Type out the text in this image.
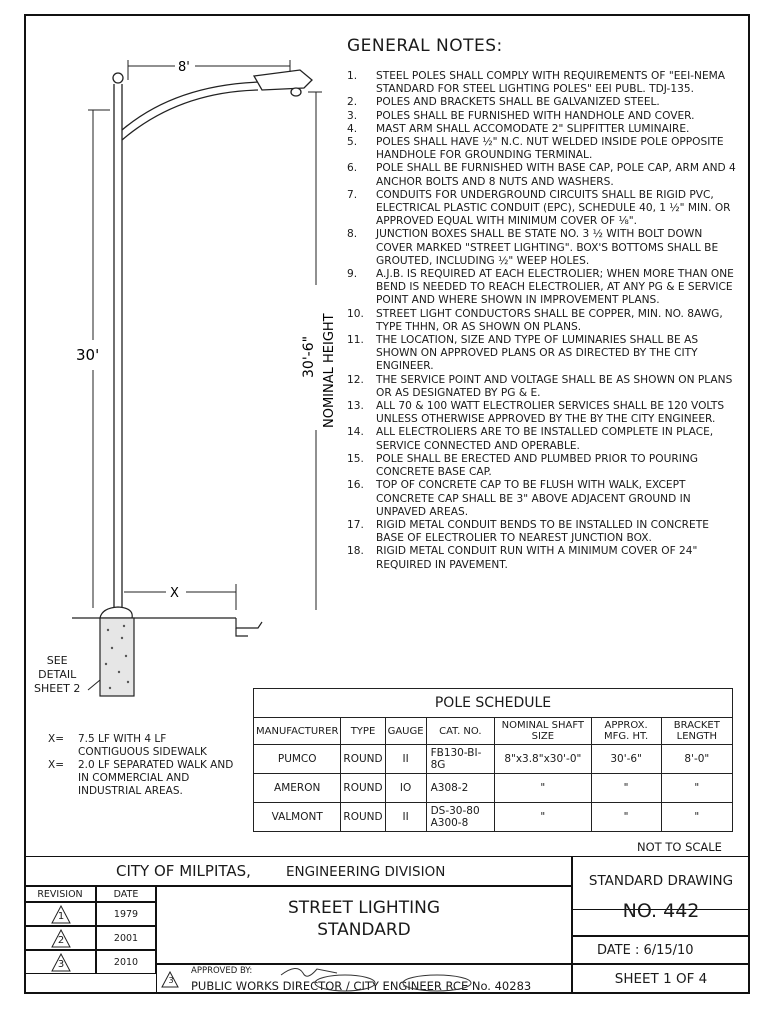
8'
30'	30'-6" NOMINAL HEIGHT
X
SEE
DETAIL
SHEET 2
GENERAL NOTES:
1.	STEEL POLES SHALL COMPLY WITH REQUIREMENTS OF "EEI-NEMA STANDARD FOR STEEL LIGHTING POLES" EEI PUBL. TDJ-135.
2.	POLES AND BRACKETS SHALL BE GALVANIZED STEEL.
3.	POLES SHALL BE FURNISHED WITH HANDHOLE AND COVER.
4.	MAST ARM SHALL ACCOMODATE 2" SLIPFITTER LUMINAIRE.
5.	POLES SHALL HAVE ½" N.C. NUT WELDED INSIDE POLE OPPOSITE HANDHOLE FOR GROUNDING TERMINAL.
6.	POLE SHALL BE FURNISHED WITH BASE CAP, POLE CAP, ARM AND 4 ANCHOR BOLTS AND 8 NUTS AND WASHERS.
7.	CONDUITS FOR UNDERGROUND CIRCUITS SHALL BE RIGID PVC, ELECTRICAL PLASTIC CONDUIT (EPC), SCHEDULE 40, 1 ½" MIN. OR APPROVED EQUAL WITH MINIMUM COVER OF ⅛".
8.	JUNCTION BOXES SHALL BE STATE NO. 3 ½ WITH BOLT DOWN COVER MARKED "STREET LIGHTING". BOX'S BOTTOMS SHALL BE GROUTED, INCLUDING ½" WEEP HOLES.
9.	A.J.B. IS REQUIRED AT EACH ELECTROLIER; WHEN MORE THAN ONE BEND IS NEEDED TO REACH ELECTROLIER, AT ANY PG & E SERVICE POINT AND WHERE SHOWN IN IMPROVEMENT PLANS.
10.	STREET LIGHT CONDUCTORS SHALL BE COPPER, MIN. NO. 8AWG, TYPE THHN, OR AS SHOWN ON PLANS.
11.	THE LOCATION, SIZE AND TYPE OF LUMINARIES SHALL BE AS SHOWN ON APPROVED PLANS OR AS DIRECTED BY THE CITY ENGINEER.
12.	THE SERVICE POINT AND VOLTAGE SHALL BE AS SHOWN ON PLANS OR AS DESIGNATED BY PG & E.
13.	ALL 70 & 100 WATT ELECTROLIER SERVICES SHALL BE 120 VOLTS UNLESS OTHERWISE APPROVED BY THE BY THE CITY ENGINEER.
14.	ALL ELECTROLIERS ARE TO BE INSTALLED COMPLETE IN PLACE, SERVICE CONNECTED AND OPERABLE.
15.	POLE SHALL BE ERECTED AND PLUMBED PRIOR TO POURING CONCRETE BASE CAP.
16.	TOP OF CONCRETE CAP TO BE FLUSH WITH WALK, EXCEPT CONCRETE CAP SHALL BE 3" ABOVE ADJACENT GROUND IN UNPAVED AREAS.
17.	RIGID METAL CONDUIT BENDS TO BE INSTALLED IN CONCRETE BASE OF ELECTROLIER TO NEAREST JUNCTION BOX.
18.	RIGID METAL CONDUIT RUN WITH A MINIMUM COVER OF 24" REQUIRED IN PAVEMENT.
POLE SCHEDULE						
MANUFACTURER	TYPE	GAUGE	CAT. NO.	NOMINAL SHAFT SIZE	APPROX. MFG. HT.	BRACKET LENGTH
PUMCO	ROUND	II	FB130-BI-8G	8"x3.8"x30'-0"	30'-6"	8'-0"
AMERON	ROUND	IO	A308-2	"	"	"
VALMONT	ROUND	II	DS-30-80 A300-8	"	"	"
X=	7.5 LF WITH 4 LF CONTIGUOUS SIDEWALK
X=	2.0 LF SEPARATED WALK AND IN COMMERCIAL AND INDUSTRIAL AREAS.
NOT TO SCALE
CITY OF MILPITAS,	ENGINEERING DIVISION
STANDARD DRAWING
NO. 442
DATE : 6/15/10
SHEET 1 OF 4
REVISION	DATE
1	1979
2	2001
3	2010
STREET LIGHTING
STANDARD
3
APPROVED BY:
PUBLIC WORKS DIRECTOR / CITY ENGINEER RCE No. 40283
